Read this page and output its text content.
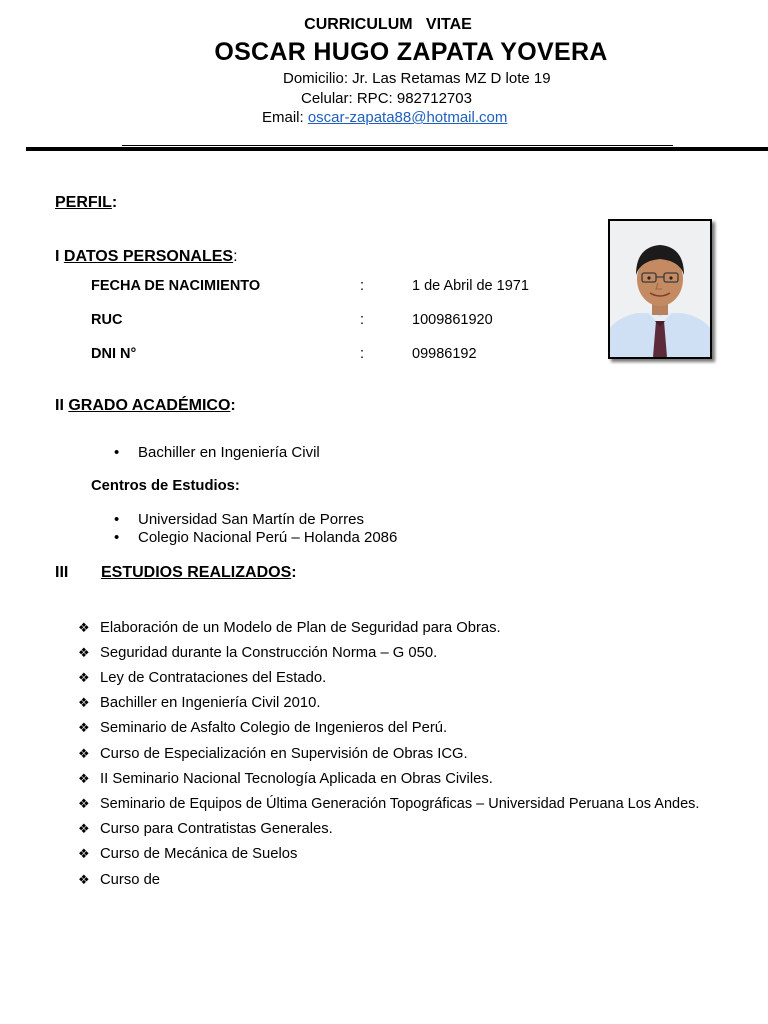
CURRICULUM   VITAE
OSCAR HUGO ZAPATA YOVERA
Domicilio: Jr. Las Retamas MZ D lote 19
Celular: RPC: 982712703
Email: oscar-zapata88@hotmail.com
PERFIL:
I DATOS PERSONALES:
FECHA DE NACIMIENTO	:	1 de Abril de 1971
RUC	:	1009861920
DNI N°	:	09986192
II GRADO ACADÉMICO:
• Bachiller en Ingeniería Civil
Centros de Estudios:
• Universidad San Martín de Porres
• Colegio Nacional Perú – Holanda 2086
III ESTUDIOS REALIZADOS:
❖ Elaboración de un Modelo de Plan de Seguridad para Obras.
❖ Seguridad durante la Construcción Norma – G 050.
❖ Ley de Contrataciones del Estado.
❖ Bachiller en Ingeniería Civil 2010.
❖ Seminario de Asfalto Colegio de Ingenieros del Perú.
❖ Curso de Especialización en Supervisión de Obras ICG.
❖ II Seminario Nacional Tecnología Aplicada en Obras Civiles.
❖ Seminario de Equipos de Última Generación Topográficas – Universidad Peruana Los Andes.
❖ Curso para Contratistas Generales.
❖ Curso de Mecánica de Suelos
❖ Curso de
